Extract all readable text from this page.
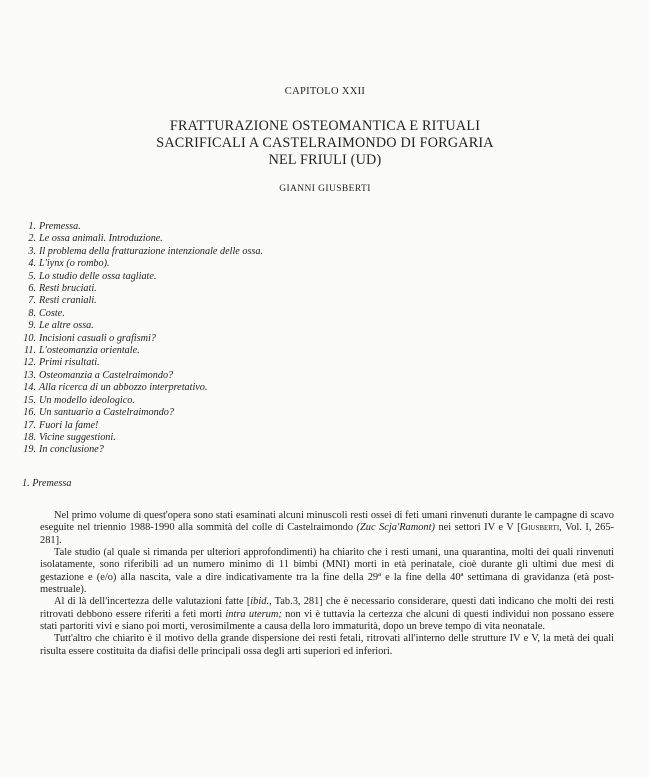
CAPITOLO XXII
FRATTURAZIONE OSTEOMANTICA E RITUALI
SACRIFICALI A CASTELRAIMONDO DI FORGARIA
NEL FRIULI (UD)
GIANNI GIUSBERTI
1. Premessa.
2. Le ossa animali. Introduzione.
3. Il problema della fratturazione intenzionale delle ossa.
4. L'iynx (o rombo).
5. Lo studio delle ossa tagliate.
6. Resti bruciati.
7. Resti craniali.
8. Coste.
9. Le altre ossa.
10. Incisioni casuali o grafismi?
11. L'osteomanzia orientale.
12. Primi risultati.
13. Osteomanzia a Castelraimondo?
14. Alla ricerca di un abbozzo interpretativo.
15. Un modello ideologico.
16. Un santuario a Castelraimondo?
17. Fuori la fame!
18. Vicine suggestioni.
19. In conclusione?
1. Premessa

Nel primo volume di quest'opera sono stati esaminati alcuni minuscoli resti ossei di feti umani rinvenuti durante le campagne di scavo eseguite nel triennio 1988-1990 alla sommità del colle di Castelraimondo (Zuc Scja'Ramont) nei settori IV e V [Giusberti, Vol. I, 265-281].

Tale studio (al quale si rimanda per ulteriori approfondimenti) ha chiarito che i resti umani, una quarantina, molti dei quali rinvenuti isolatamente, sono riferibili ad un numero minimo di 11 bimbi (MNI) morti in età perinatale, cioè durante gli ultimi due mesi di gestazione e (e/o) alla nascita, vale a dire indicativamente tra la fine della 29ª e la fine della 40ª settimana di gravidanza (età post-mestruale).

Al di là dell'incertezza delle valutazioni fatte [ibid., Tab.3, 281] che è necessario considerare, questi dati indicano che molti dei resti ritrovati debbono essere riferiti a feti morti intra uterum; non vi è tuttavia la certezza che alcuni di questi individui non possano essere stati partoriti vivi e siano poi morti, verosimilmente a causa della loro immaturità, dopo un breve tempo di vita neonatale.

Tutt'altro che chiarito è il motivo della grande dispersione dei resti fetali, ritrovati all'interno delle strutture IV e V, la metà dei quali risulta essere costituita da diafisi delle principali ossa degli arti superiori ed inferiori.
